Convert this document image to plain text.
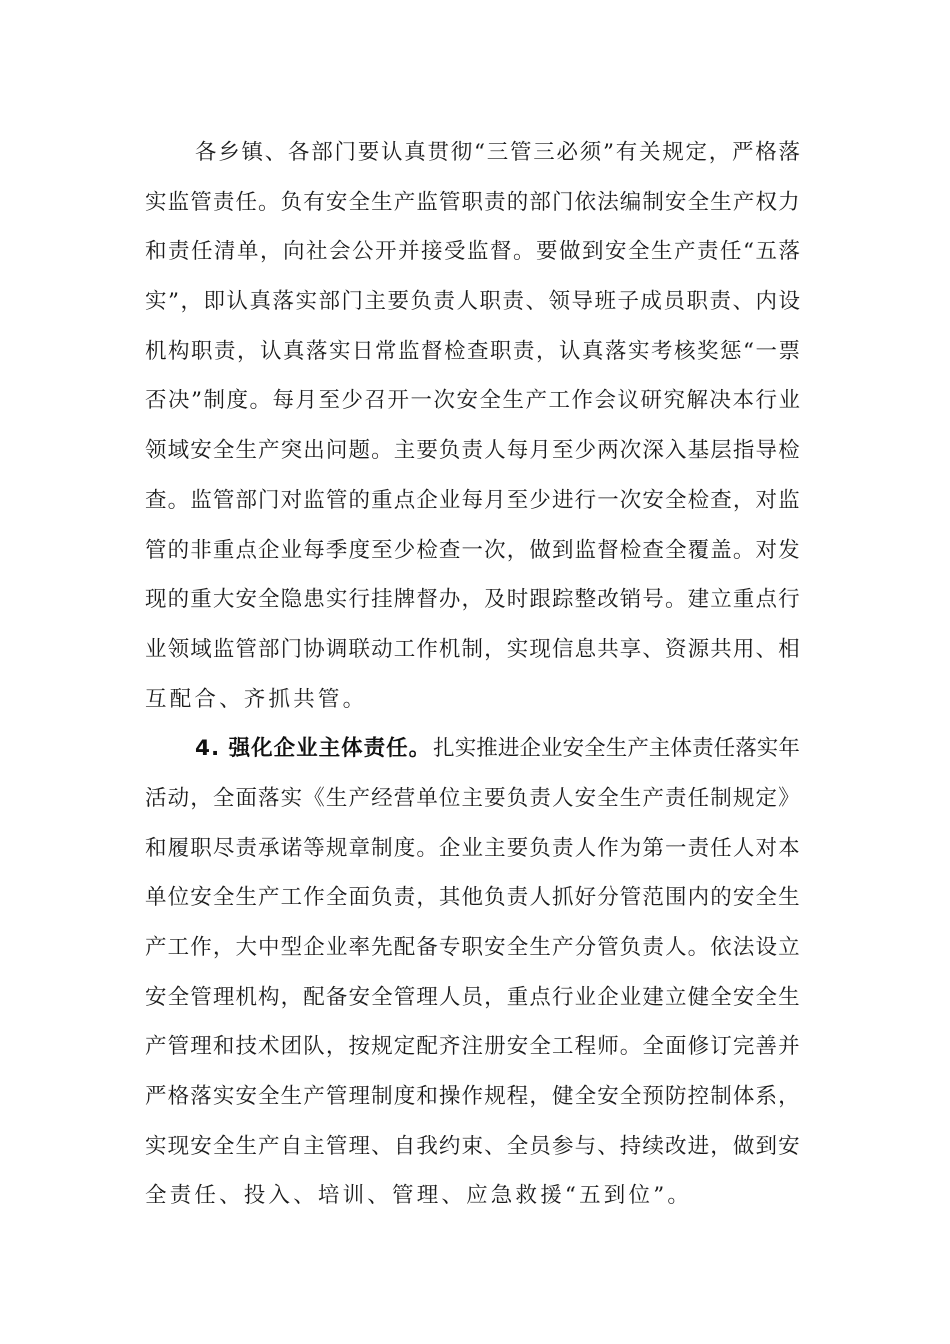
各 乡 镇 、 各 部 门 要 认 真 贯 彻 “ 三 管 三 必 须 ” 有 关 规 定 ， 严 格 落
实 监 管 责 任 。 负 有 安 全 生 产 监 管 职 责 的 部 门 依 法 编 制 安 全 生 产 权 力
和 责 任 清 单 ， 向 社 会 公 开 并 接 受 监 督 。 要 做 到 安 全 生 产 责 任 “ 五 落
实 ” ， 即 认 真 落 实 部 门 主 要 负 责 人 职 责 、 领 导 班 子 成 员 职 责 、 内 设
机 构 职 责 ， 认 真 落 实 日 常 监 督 检 查 职 责 ， 认 真 落 实 考 核 奖 惩 “ 一 票
否 决 ” 制 度 。 每 月 至 少 召 开 一 次 安 全 生 产 工 作 会 议 研 究 解 决 本 行 业
领 域 安 全 生 产 突 出 问 题 。 主 要 负 责 人 每 月 至 少 两 次 深 入 基 层 指 导 检
查 。 监 管 部 门 对 监 管 的 重 点 企 业 每 月 至 少 进 行 一 次 安 全 检 查 ， 对 监
管 的 非 重 点 企 业 每 季 度 至 少 检 查 一 次 ， 做 到 监 督 检 查 全 覆 盖 。 对 发
现 的 重 大 安 全 隐 患 实 行 挂 牌 督 办 ， 及 时 跟 踪 整 改 销 号 。 建 立 重 点 行
业 领 域 监 管 部 门 协 调 联 动 工 作 机 制 ， 实 现 信 息 共 享 、 资 源 共 用 、 相
互配合、齐抓共管。
4. 强化企业主体责任。 扎 实 推 进 企 业 安 全 生 产 主 体 责 任 落 实 年
活 动 ， 全 面 落 实 《 生 产 经 营 单 位 主 要 负 责 人 安 全 生 产 责 任 制 规 定 》
和 履 职 尽 责 承 诺 等 规 章 制 度 。 企 业 主 要 负 责 人 作 为 第 一 责 任 人 对 本
单 位 安 全 生 产 工 作 全 面 负 责 ， 其 他 负 责 人 抓 好 分 管 范 围 内 的 安 全 生
产 工 作 ， 大 中 型 企 业 率 先 配 备 专 职 安 全 生 产 分 管 负 责 人 。 依 法 设 立
安 全 管 理 机 构 ， 配 备 安 全 管 理 人 员 ， 重 点 行 业 企 业 建 立 健 全 安 全 生
产 管 理 和 技 术 团 队 ， 按 规 定 配 齐 注 册 安 全 工 程 师 。 全 面 修 订 完 善 并
严 格 落 实 安 全 生 产 管 理 制 度 和 操 作 规 程 ， 健 全 安 全 预 防 控 制 体 系 ，
实 现 安 全 生 产 自 主 管 理 、 自 我 约 束 、 全 员 参 与 、 持 续 改 进 ， 做 到 安
全责任、投入、培训、管理、应急救援“五到位”。
